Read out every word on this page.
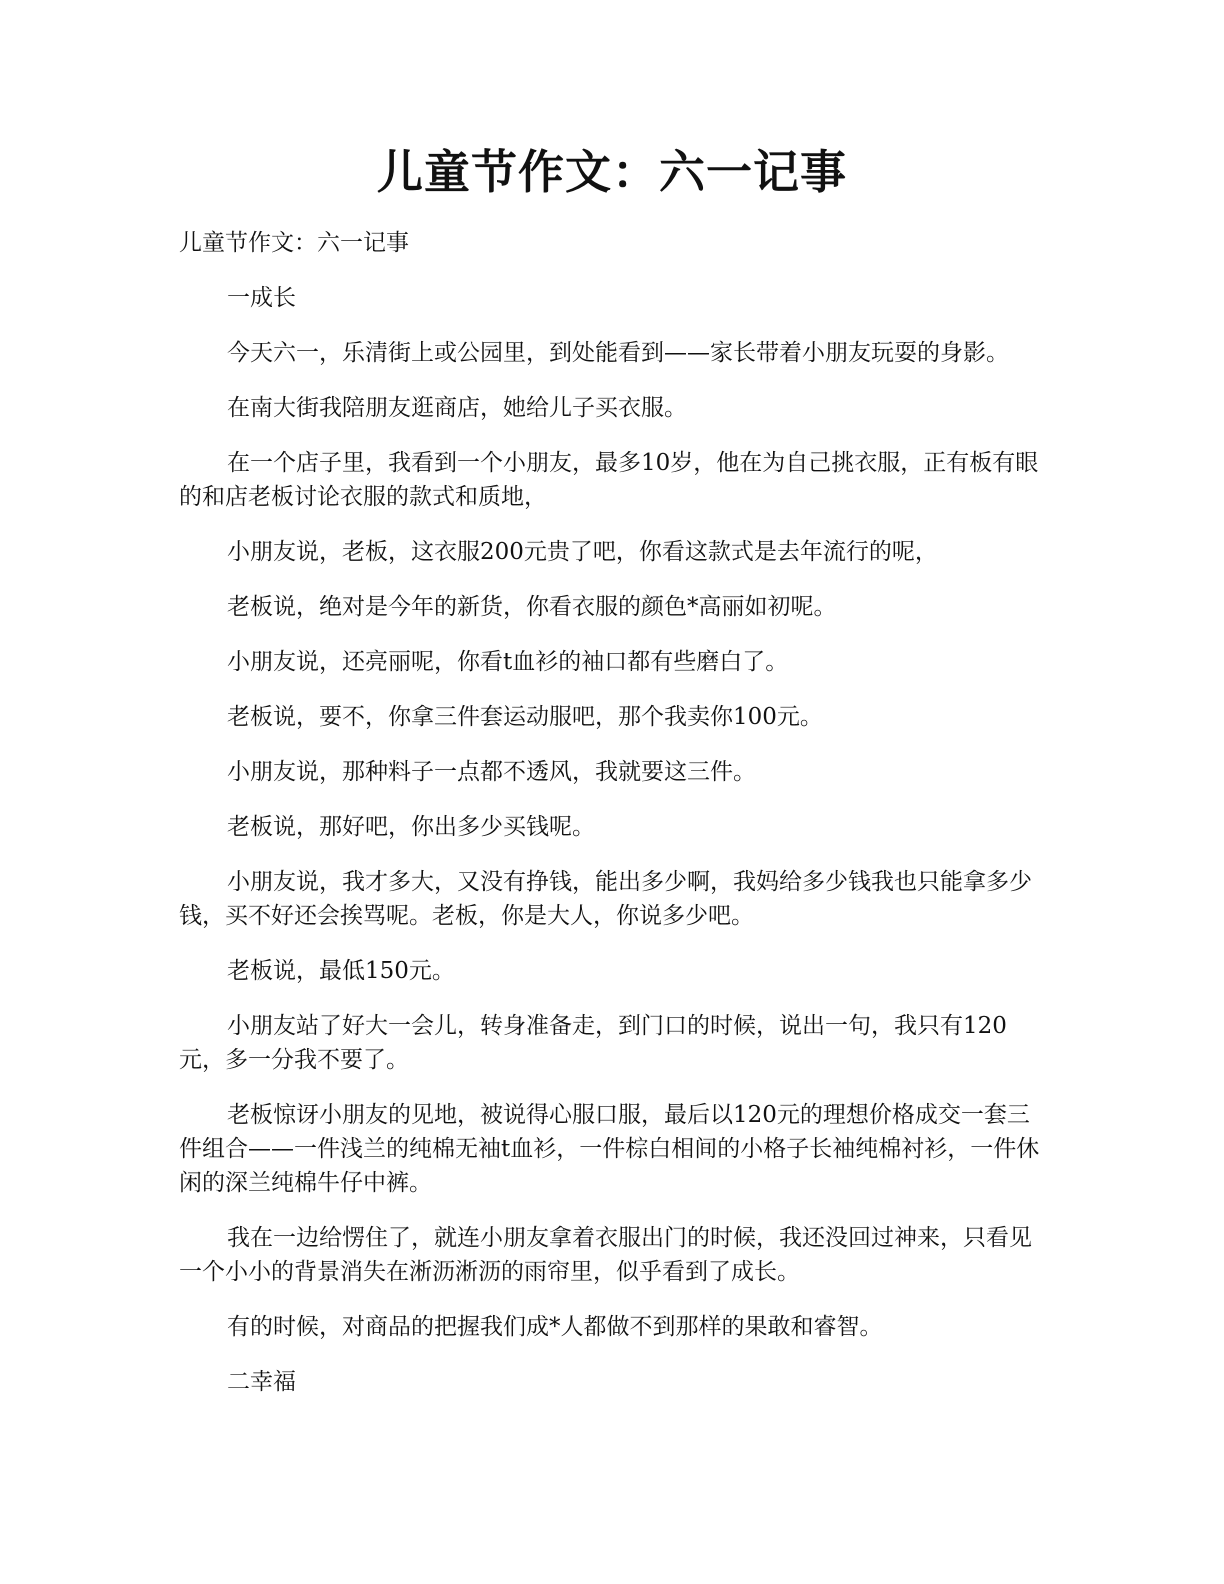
儿童节作文：六一记事

儿童节作文：六一记事

一成长

今天六一，乐清街上或公园里，到处能看到——家长带着小朋友玩耍的身影。

在南大街我陪朋友逛商店，她给儿子买衣服。

在一个店子里，我看到一个小朋友，最多10岁，他在为自己挑衣服，正有板有眼的和店老板讨论衣服的款式和质地，

小朋友说，老板，这衣服200元贵了吧，你看这款式是去年流行的呢，

老板说，绝对是今年的新货，你看衣服的颜色*高丽如初呢。

小朋友说，还亮丽呢，你看t血衫的袖口都有些磨白了。

老板说，要不，你拿三件套运动服吧，那个我卖你100元。

小朋友说，那种料子一点都不透风，我就要这三件。

老板说，那好吧，你出多少买钱呢。

小朋友说，我才多大，又没有挣钱，能出多少啊，我妈给多少钱我也只能拿多少钱，买不好还会挨骂呢。老板，你是大人，你说多少吧。

老板说，最低150元。

小朋友站了好大一会儿，转身准备走，到门口的时候，说出一句，我只有120元，多一分我不要了。

老板惊讶小朋友的见地，被说得心服口服，最后以120元的理想价格成交一套三件组合——一件浅兰的纯棉无袖t血衫，一件棕白相间的小格子长袖纯棉衬衫，一件休闲的深兰纯棉牛仔中裤。

我在一边给愣住了，就连小朋友拿着衣服出门的时候，我还没回过神来，只看见一个小小的背景消失在淅沥淅沥的雨帘里，似乎看到了成长。

有的时候，对商品的把握我们成*人都做不到那样的果敢和睿智。

二幸福
